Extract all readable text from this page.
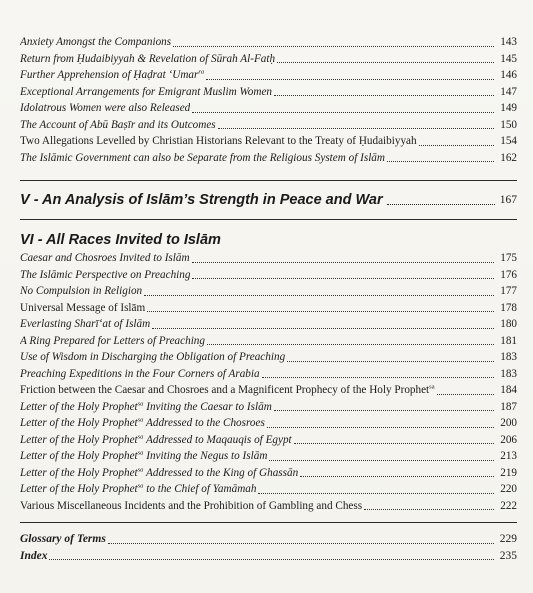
Anxiety Amongst the Companions	143
Return from Ḥudaibiyyah & Revelation of Sūrah Al-Fatḥ	145
Further Apprehension of Ḥaḍrat ‘Umar$^{ra}$	146
Exceptional Arrangements for Emigrant Muslim Women	147
Idolatrous Women were also Released	149
The Account of Abū Baṣīr and its Outcomes	150
Two Allegations Levelled by Christian Historians Relevant to the Treaty of Ḥudaibiyyah	154
The Islāmic Government can also be Separate from the Religious System of Islām	162
V - An Analysis of Islām’s Strength in Peace and War	167
VI - All Races Invited to Islām
Caesar and Chosroes Invited to Islām	175
The Islāmic Perspective on Preaching	176
No Compulsion in Religion	177
Universal Message of Islām	178
Everlasting Sharī‘at of Islām	180
A Ring Prepared for Letters of Preaching	181
Use of Wisdom in Discharging the Obligation of Preaching	183
Preaching Expeditions in the Four Corners of Arabia	183
Friction between the Caesar and Chosroes and a Magnificent Prophecy of the Holy Prophet$^{sa}$	184
Letter of the Holy Prophet$^{sa}$ Inviting the Caesar to Islām	187
Letter of the Holy Prophet$^{sa}$ Addressed to the Chosroes	200
Letter of the Holy Prophet$^{sa}$ Addressed to Maqauqis of Egypt	206
Letter of the Holy Prophet$^{sa}$ Inviting the Negus to Islām	213
Letter of the Holy Prophet$^{sa}$ Addressed to the King of Ghassān	219
Letter of the Holy Prophet$^{sa}$ to the Chief of Yamāmah	220
Various Miscellaneous Incidents and the Prohibition of Gambling and Chess	222
Glossary of Terms	229
Index	235
